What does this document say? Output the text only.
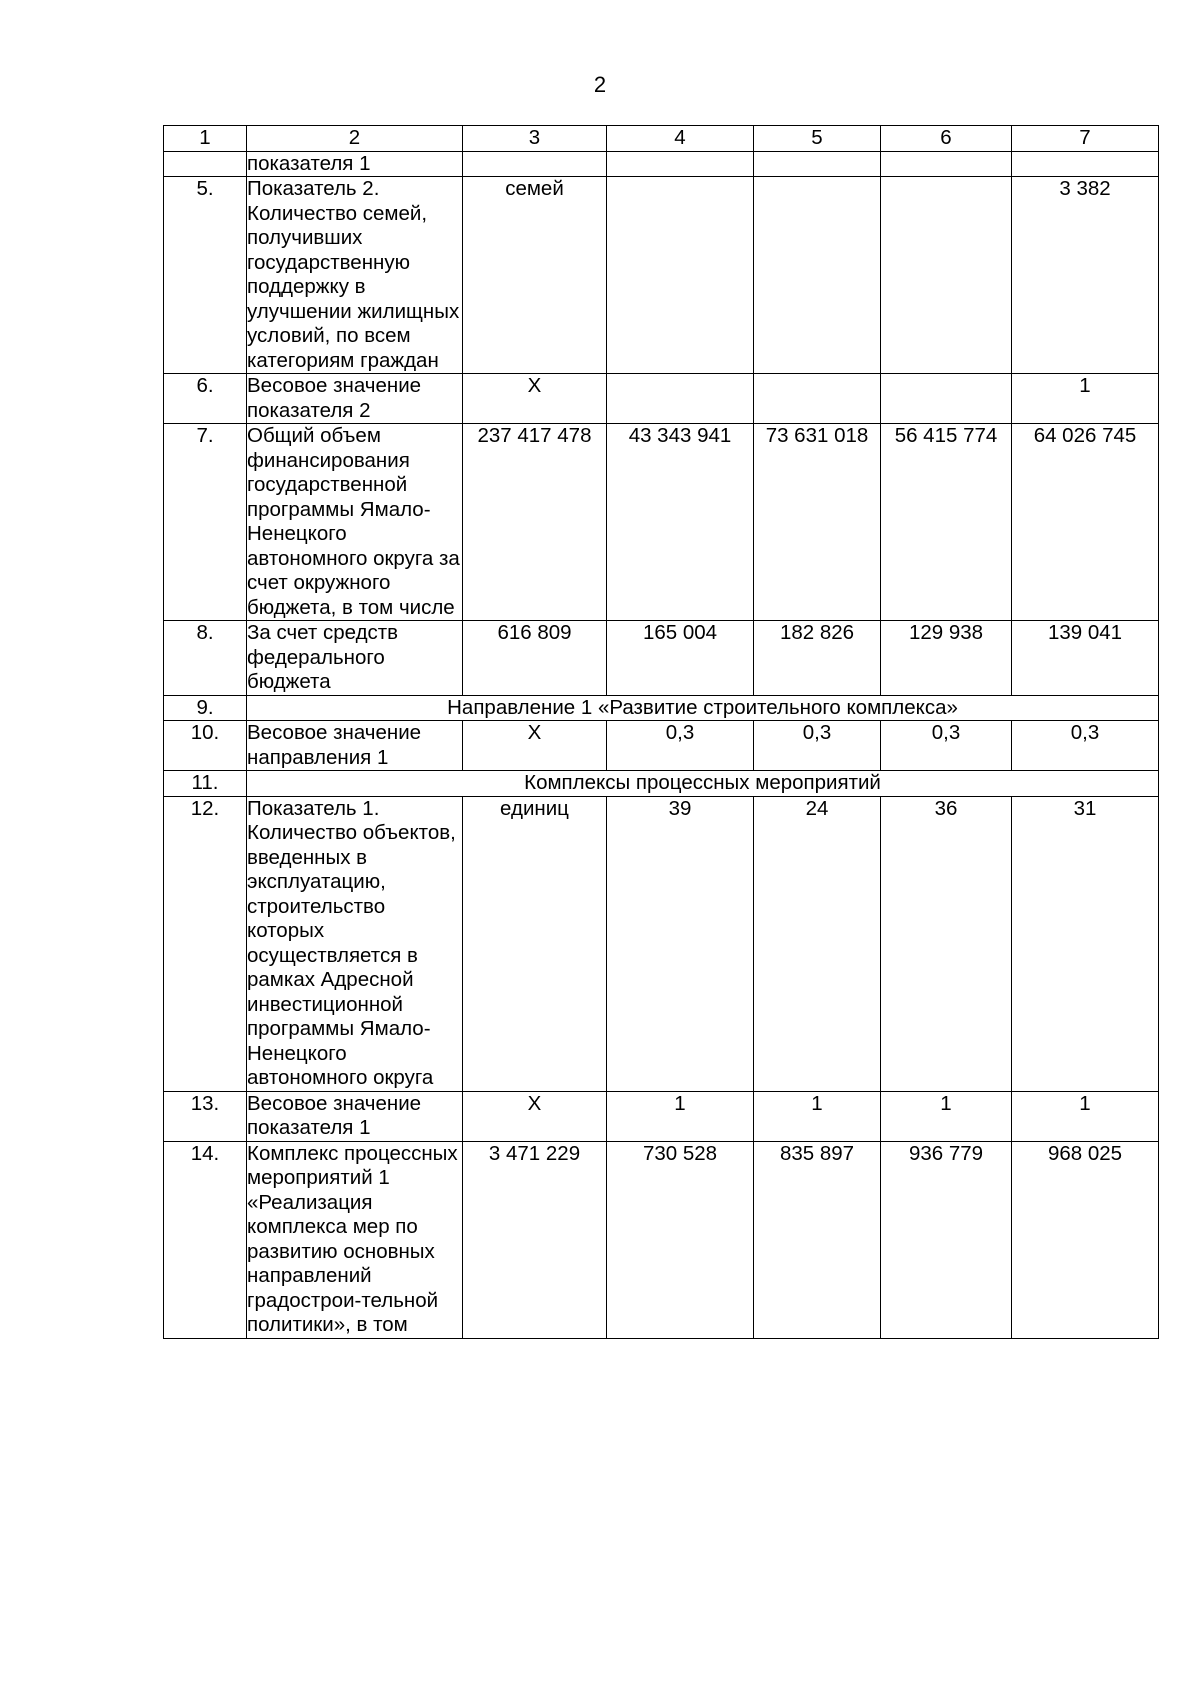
2
1	2	3	4	5	6	7
	показателя 1					
5.	Показатель 2. Количество семей, получивших государственную поддержку в улучшении жилищных условий, по всем категориям граждан	семей				3 382
6.	Весовое значение показателя 2	Х				1
7.	Общий объем финансирования государственной программы Ямало-Ненецкого автономного округа за счет окружного бюджета, в том числе	237 417 478	43 343 941	73 631 018	56 415 774	64 026 745
8.	За счет средств федерального бюджета	616 809	165 004	182 826	129 938	139 041
9.	Направление 1 «Развитие строительного комплекса»					
10.	Весовое значение направления 1	Х	0,3	0,3	0,3	0,3
11.	Комплексы процессных мероприятий					
12.	Показатель 1. Количество объектов, введенных в эксплуатацию, строительство которых осуществляется в рамках Адресной инвестиционной программы Ямало-Ненецкого автономного округа	единиц	39	24	36	31
13.	Весовое значение показателя 1	Х	1	1	1	1
14.	Комплекс процессных мероприятий 1 «Реализация комплекса мер по развитию основных направлений градострои-тельной политики», в том	3 471 229	730 528	835 897	936 779	968 025
